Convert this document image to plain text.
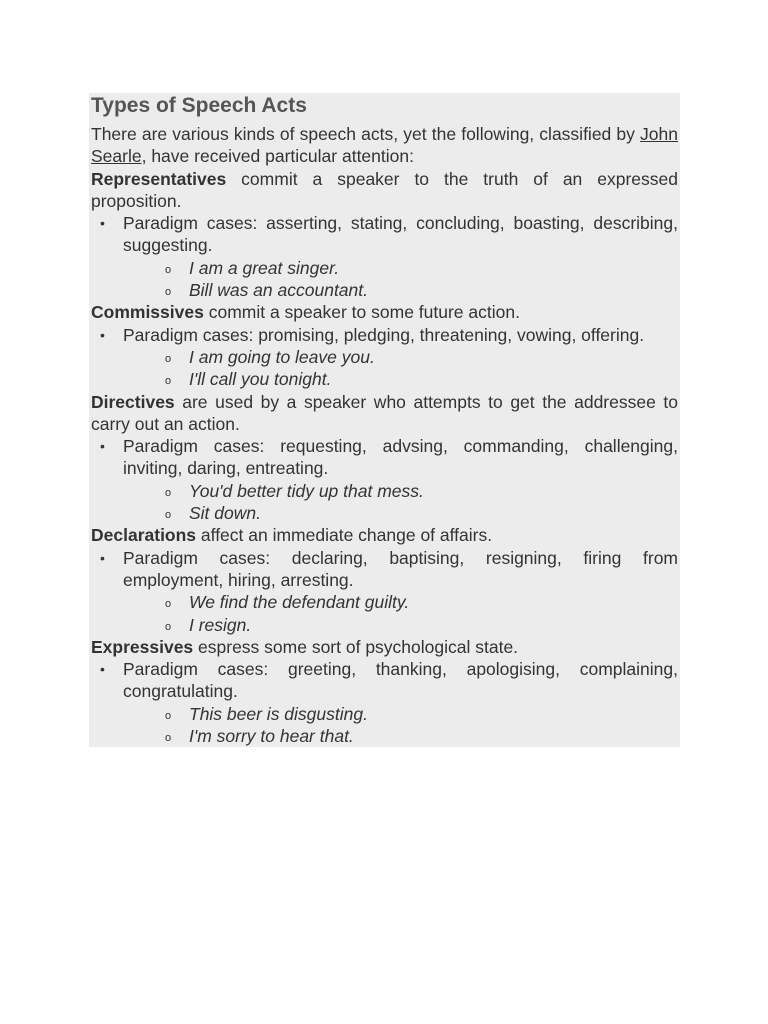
Types of Speech Acts

There are various kinds of speech acts, yet the following, classified by John Searle, have received particular attention:

Representatives commit a speaker to the truth of an expressed proposition.

• Paradigm cases: asserting, stating, concluding, boasting, describing, suggesting.
o I am a great singer.
o Bill was an accountant.

Commissives commit a speaker to some future action.

• Paradigm cases: promising, pledging, threatening, vowing, offering.
o I am going to leave you.
o I'll call you tonight.

Directives are used by a speaker who attempts to get the addressee to carry out an action.

• Paradigm cases: requesting, advsing, commanding, challenging, inviting, daring, entreating.
o You'd better tidy up that mess.
o Sit down.

Declarations affect an immediate change of affairs.

• Paradigm cases: declaring, baptising, resigning, firing from employment, hiring, arresting.
o We find the defendant guilty.
o I resign.

Expressives espress some sort of psychological state.

• Paradigm cases: greeting, thanking, apologising, complaining, congratulating.
o This beer is disgusting.
o I'm sorry to hear that.
